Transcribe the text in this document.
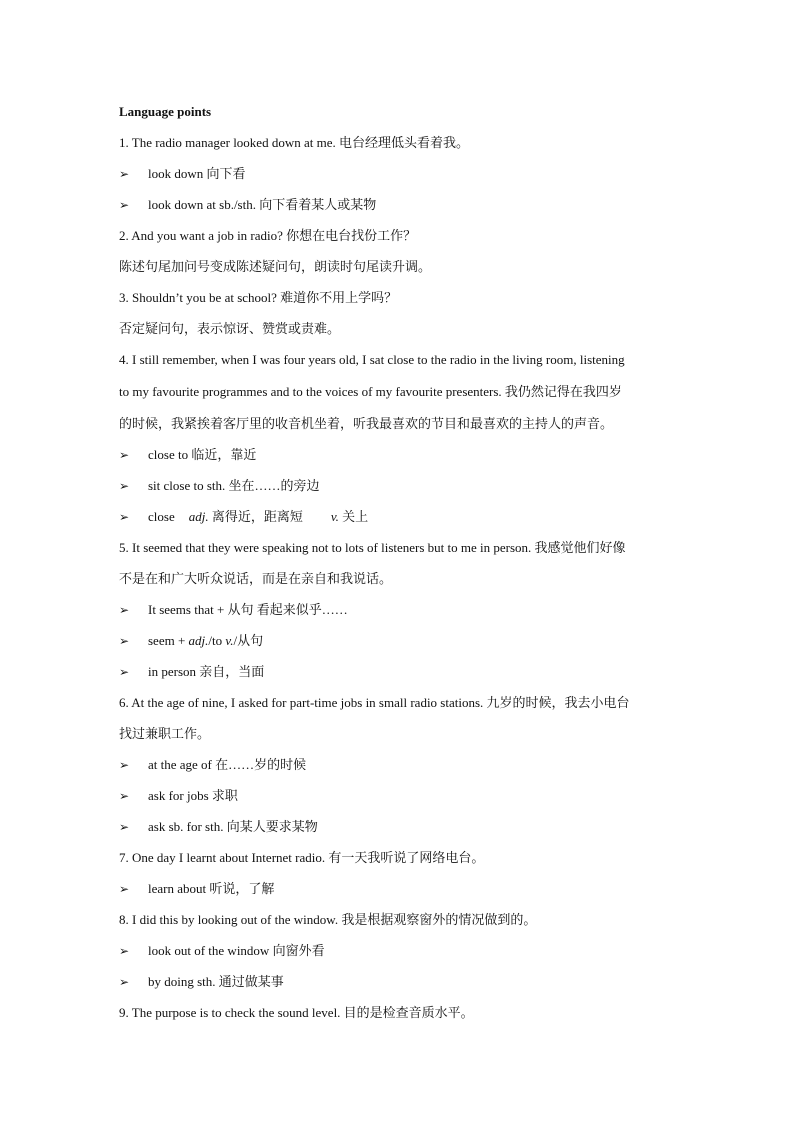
Language points
1. The radio manager looked down at me. 电台经理低头看着我。
➢ look down 向下看
➢ look down at sb./sth. 向下看着某人或某物
2. And you want a job in radio? 你想在电台找份工作？
陈述句尾加问号变成陈述疑问句，朗读时句尾读升调。
3. Shouldn’t you be at school? 难道你不用上学吗？
否定疑问句，表示惊讶、赞赏或责难。
4. I still remember, when I was four years old, I sat close to the radio in the living room, listening
to my favourite programmes and to the voices of my favourite presenters. 我仍然记得在我四岁
的时候，我紧挨着客厅里的收音机坐着，听我最喜欢的节目和最喜欢的主持人的声音。
➢ close to 临近，靠近
➢ sit close to sth. 坐在……的旁边
➢ close adj. 离得近，距离短 v. 关上
5. It seemed that they were speaking not to lots of listeners but to me in person. 我感觉他们好像
不是在和广大听众说话，而是在亲自和我说话。
➢ It seems that + 从句 看起来似乎……
➢ seem + adj./to v./从句
➢ in person 亲自，当面
6. At the age of nine, I asked for part-time jobs in small radio stations. 九岁的时候，我去小电台
找过兼职工作。
➢ at the age of 在……岁的时候
➢ ask for jobs 求职
➢ ask sb. for sth. 向某人要求某物
7. One day I learnt about Internet radio. 有一天我听说了网络电台。
➢ learn about 听说，了解
8. I did this by looking out of the window. 我是根据观察窗外的情况做到的。
➢ look out of the window 向窗外看
➢ by doing sth. 通过做某事
9. The purpose is to check the sound level. 目的是检查音质水平。
